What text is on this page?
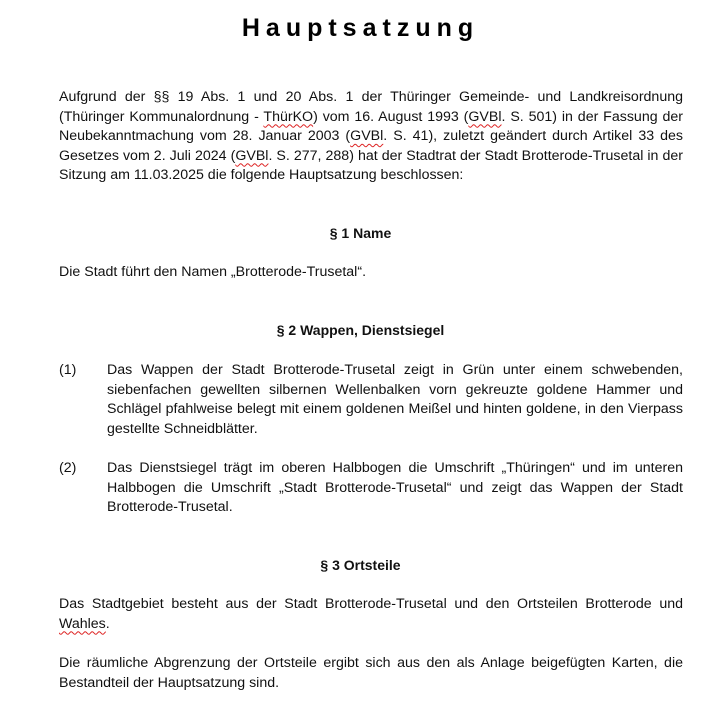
Hauptsatzung
Aufgrund der §§ 19 Abs. 1 und 20 Abs. 1 der Thüringer Gemeinde- und Landkreisordnung (Thüringer Kommunalordnung - ThürKO) vom 16. August 1993 (GVBl. S. 501) in der Fassung der Neubekanntmachung vom 28. Januar 2003 (GVBl. S. 41), zuletzt geändert durch Artikel 33 des Gesetzes vom 2. Juli 2024 (GVBl. S. 277, 288) hat der Stadtrat der Stadt Brotterode-Trusetal in der Sitzung am 11.03.2025 die folgende Hauptsatzung beschlossen:
§ 1 Name
Die Stadt führt den Namen „Brotterode-Trusetal“.
§ 2 Wappen, Dienstsiegel
(1) Das Wappen der Stadt Brotterode-Trusetal zeigt in Grün unter einem schwebenden, siebenfachen gewellten silbernen Wellenbalken vorn gekreuzte goldene Hammer und Schlägel pfahlweise belegt mit einem goldenen Meißel und hinten goldene, in den Vierpass gestellte Schneidblätter.
(2) Das Dienstsiegel trägt im oberen Halbbogen die Umschrift „Thüringen“ und im unteren Halbbogen die Umschrift „Stadt Brotterode-Trusetal“ und zeigt das Wappen der Stadt Brotterode-Trusetal.
§ 3 Ortsteile
Das Stadtgebiet besteht aus der Stadt Brotterode-Trusetal und den Ortsteilen Brotterode und Wahles.
Die räumliche Abgrenzung der Ortsteile ergibt sich aus den als Anlage beigefügten Karten, die Bestandteil der Hauptsatzung sind.
